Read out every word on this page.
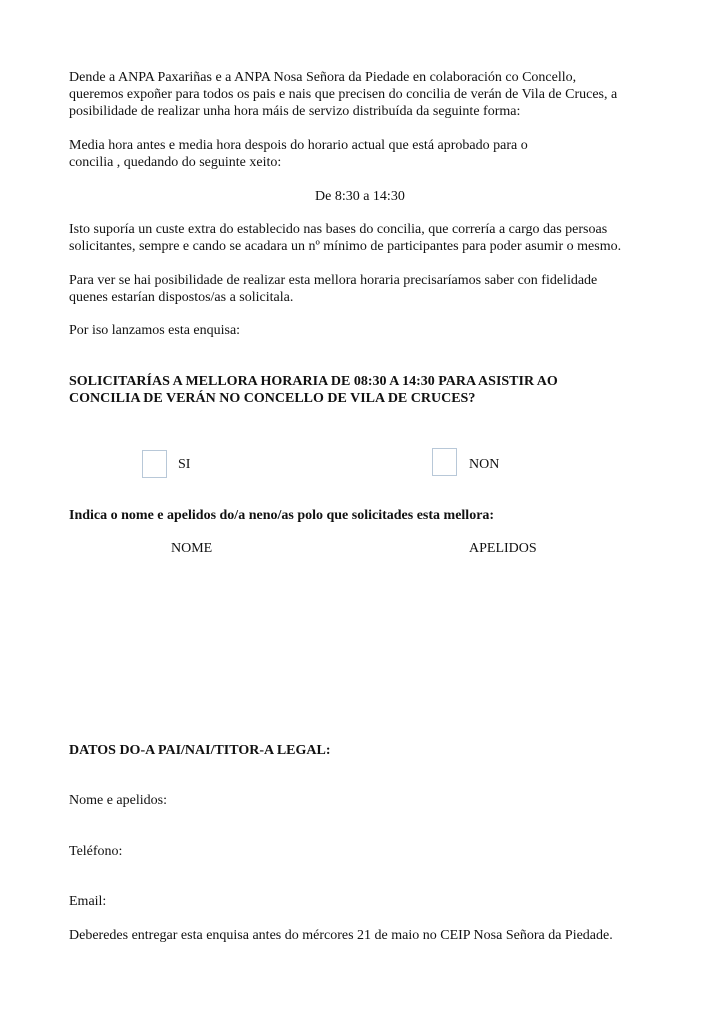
Dende a ANPA Paxariñas e a ANPA Nosa Señora da Piedade en colaboración co Concello,
queremos expoñer para todos os pais e nais que precisen do concilia de verán de Vila de Cruces, a
posibilidade de realizar unha hora máis de servizo distribuída da seguinte forma:
Media hora antes e media hora despois do horario actual que está aprobado para o
concilia , quedando do seguinte xeito:
De 8:30 a 14:30
Isto suporía un custe extra do establecido nas bases do concilia, que correría a cargo das persoas
solicitantes, sempre e cando se acadara un nº mínimo de participantes para poder asumir o mesmo.
Para ver se hai posibilidade de realizar esta mellora horaria precisaríamos saber con fidelidade
quenes estarían dispostos/as a solicitala.
Por iso lanzamos esta enquisa:
SOLICITARÍAS A MELLORA HORARIA DE 08:30 A 14:30 PARA ASISTIR AO
CONCILIA DE VERÁN NO CONCELLO DE VILA DE CRUCES?
SI	NON
Indica o nome e apelidos do/a neno/as polo que solicitades esta mellora:
NOME	APELIDOS
DATOS DO-A PAI/NAI/TITOR-A LEGAL:
Nome e apelidos:
Teléfono:
Email:
Deberedes entregar esta enquisa antes do mércores 21 de maio no CEIP Nosa Señora da Piedade.
